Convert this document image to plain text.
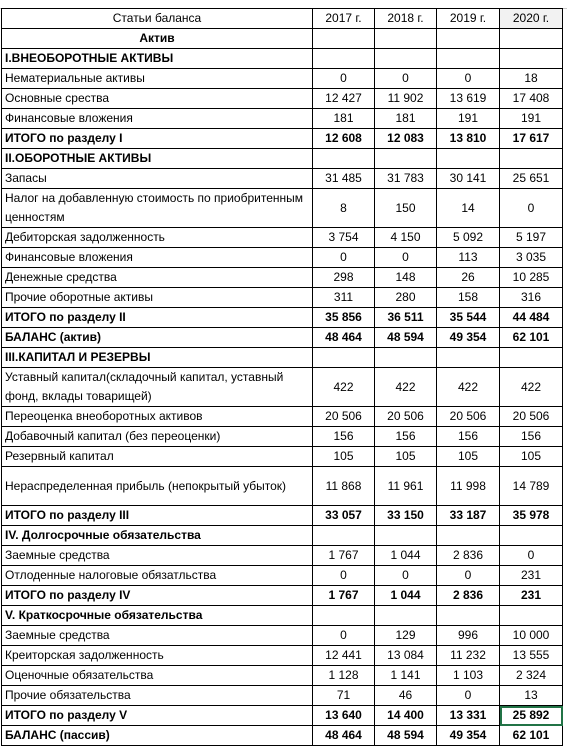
Статьи баланса	2017 г.	2018 г.	2019 г.	2020 г.
Актив				
I.ВНЕОБОРОТНЫЕ АКТИВЫ				
Нематериальные активы	0	0	0	18
Основные среcтва	12 427	11 902	13 619	17 408
Финансовые вложения	181	181	191	191
ИТОГО по разделу I	12 608	12 083	13 810	17 617
II.ОБОРОТНЫЕ АКТИВЫ				
Запасы	31 485	31 783	30 141	25 651
Налог на добавленную стоимость по приобритенным ценностям	8	150	14	0
Дебиторская задолженность	3 754	4 150	5 092	5 197
Финансовые вложения	0	0	113	3 035
Денежные средства	298	148	26	10 285
Прочие оборотные активы	311	280	158	316
ИТОГО по разделу II	35 856	36 511	35 544	44 484
БАЛАНС (актив)	48 464	48 594	49 354	62 101
III.КАПИТАЛ И РЕЗЕРВЫ				
Уставный капитал(складочный капитал, уставный фонд, вклады товарищей)	422	422	422	422
Переоценка внеоборотных активов	20 506	20 506	20 506	20 506
Добавочный капитал (без переоценки)	156	156	156	156
Резервный капитал	105	105	105	105
Нераспределенная прибыль (непокрытый убыток)	11 868	11 961	11 998	14 789
ИТОГО по разделу III	33 057	33 150	33 187	35 978
IV. Долгосрочные обязательства				
Заемные средства	1 767	1 044	2 836	0
Отлоденные налоговые обязатльства	0	0	0	231
ИТОГО по разделу IV	1 767	1 044	2 836	231
V. Краткосрочные обязательства				
Заемные средства	0	129	996	10 000
Креиторская задолженность	12 441	13 084	11 232	13 555
Оценочные обязательства	1 128	1 141	1 103	2 324
Прочие обязательства	71	46	0	13
ИТОГО по разделу V	13 640	14 400	13 331	25 892
БАЛАНС (пассив)	48 464	48 594	49 354	62 101
